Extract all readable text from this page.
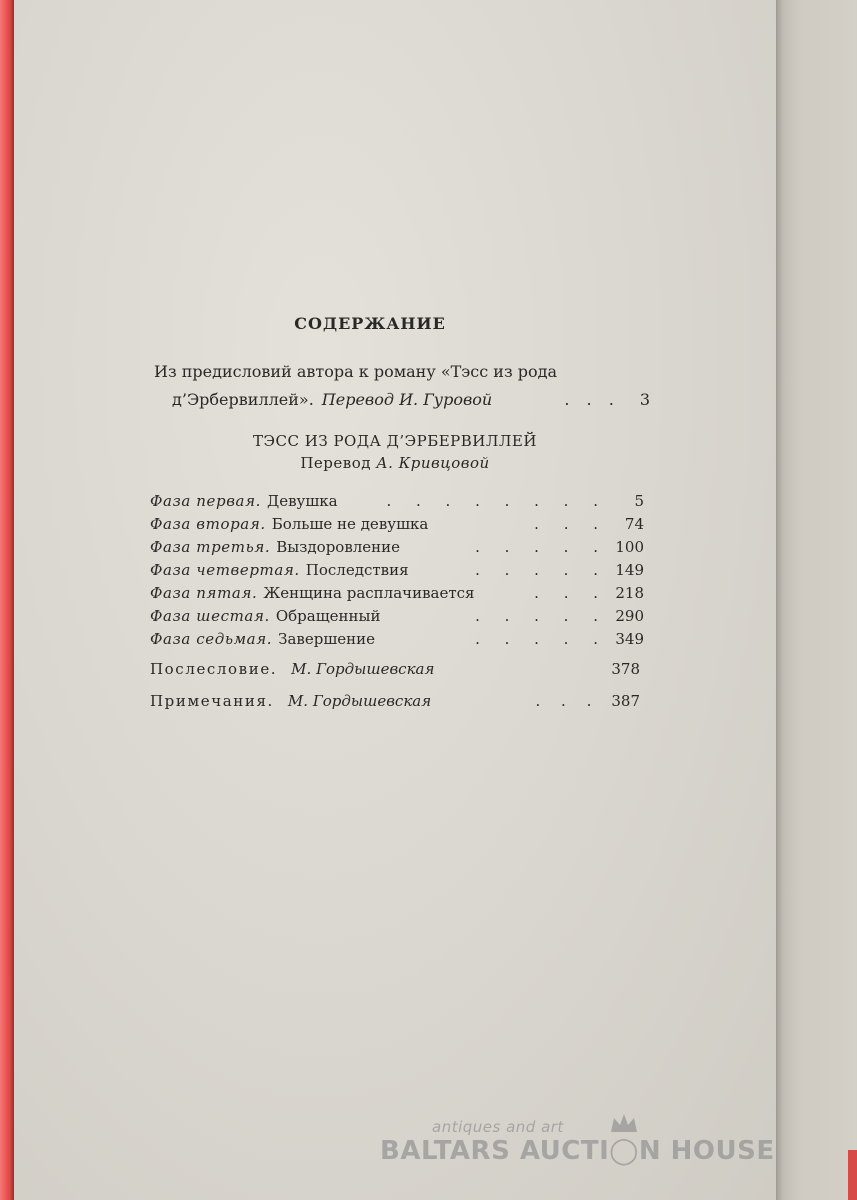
СОДЕРЖАНИЕ
Из предисловий автора к роману «Тэсс из рода
д’Эрбервиллей». Перевод И. Гуровой	. . . 3
ТЭСС ИЗ РОДА Д’ЭРБЕРВИЛЛЕЙ
Перевод А. Кривцовой
Фаза первая. Девушка	. . . . . . . .	5
Фаза вторая. Больше не девушка	. . .	74
Фаза третья. Выздоровление	. . . . . 100
Фаза четвертая. Последствия	. . . . . 149
Фаза пятая. Женщина расплачивается	. . . 218
Фаза шестая. Обращенный	. . . . . 290
Фаза седьмая. Завершение	. . . . . 349
Послесловие. М. Гордышевская	378
Примечания. М. Гордышевская	. . . 387
antiques and art
BALTARS AUCTI◯N HOUSE
